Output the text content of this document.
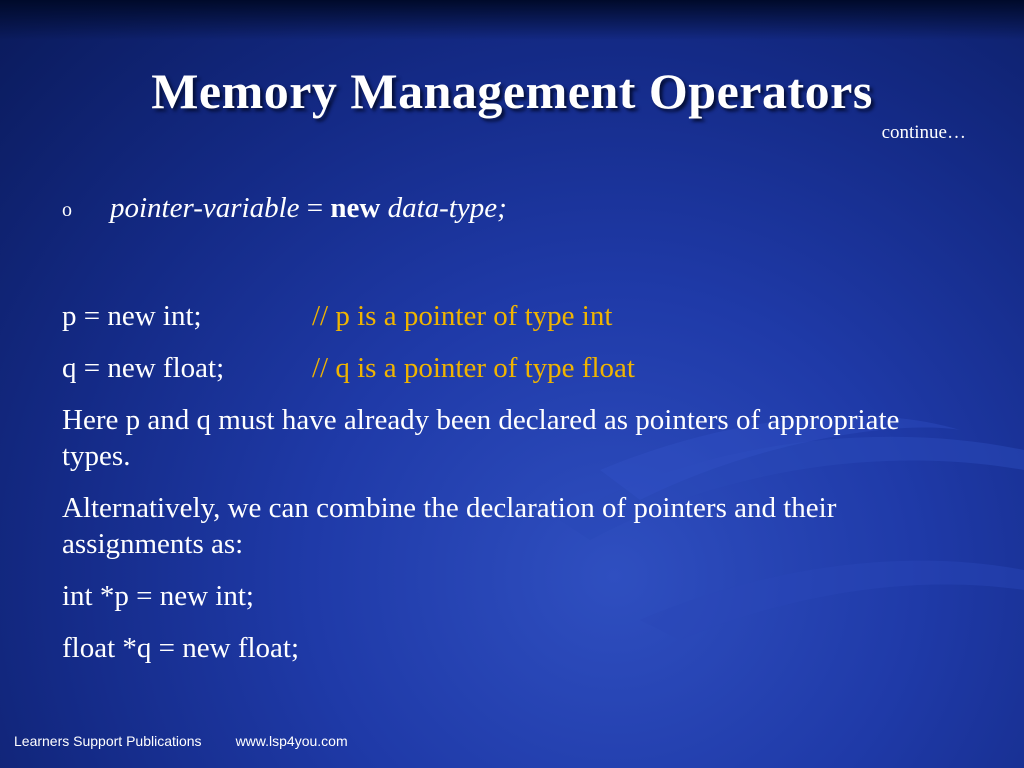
Memory Management Operators
continue…
o pointer-variable = new data-type;
p = new int;	// p is a pointer of type int
q = new float;	// q is a pointer of type float
Here p and q must have already been declared as pointers of appropriate types.
Alternatively, we can combine the declaration of pointers and their assignments as:
int *p = new int;
float *q = new float;
Learners Support Publications www.lsp4you.com
